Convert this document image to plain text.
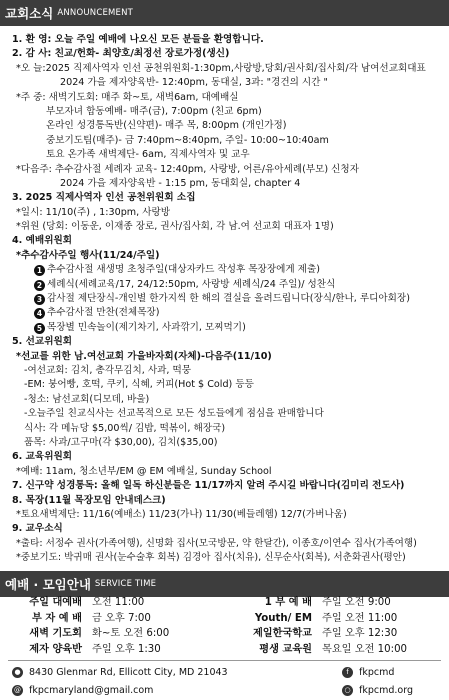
교회소식 ANNOUNCEMENT
1. 환 영: 오늘 주일 예배에 나오신 모든 분들을 환영합니다.
2. 감 사: 친교/헌화- 최양호/최정선 장로가정(생신)
*오 늘:2025 직제사역자 인선 공천위원회-1:30pm,사랑방,당회/권사회/집사회/각 남여선교회대표
2024 가을 제자양육반- 12:40pm, 동대실, 3과: "경건의 시간 "
*주 중: 새벽기도회: 매주 화~토, 새벽6am, 대예배실
부모자녀 합동예배- 매주(금), 7:00pm (친교 6pm)
온라인 성경통독반(신약편)- 매주 목, 8:00pm (개인가정)
중보기도팀(매주)- 금 7:40pm~8:40pm, 주일- 10:00~10:40am
토요 온가족 새벽제단- 6am, 직제사역자 및 교우
*다음주: 추수감사절 세례자 교육- 12:40pm, 사랑방, 어른/유아세례(부모) 신청자
2024 가을 제자양육반 - 1:15 pm, 동대회실, chapter 4
3. 2025 직제사역자 인선 공천위원회 소집
*일시: 11/10(주) , 1:30pm, 사랑방
*위원 (당회: 이동운, 이재종 장로, 권사/집사회, 각 남.여 선교회 대표자 1명)
4. 예배위원회
*추수감사주일 행사(11/24/주일)
1 추수감사절 새생명 초청주일(대상자카드 작성후 목장장에게 제출)
2 세례식(세례교육/17, 24/12:50pm, 사랑방 세례식/24 주일)/ 성찬식
3 감사절 제단장식-개인별 한가지씩 한 해의 결실을 올려드립니다(장식/한나, 루디아회장)
4 추수감사절 만찬(전체목장)
5 목장별 민속놀이(제기차기, 사과깎기, 모찌먹기)
5. 선교위원회
*선교를 위한 남.여선교회 가을바자회(자체)-다음주(11/10)
-여선교회: 김치, 총각무김치, 사과, 떡뭉
-EM: 붕어빵, 호떡, 쿠키, 식혜, 커피(Hot $ Cold) 등등
-청소: 남선교회(디모데, 바울)
-오늘주일 친교식사는 선교목적으로 모든 성도들에게 점심을 판매합니다
식사: 각 메뉴당 $5,00씩/ 김밥, 떡볶이, 해장국)
품목: 사과/고구마(각 $30,00), 김치($35,00)
6. 교육위원회
*예배: 11am, 청소년부/EM @ EM 예배실, Sunday School
7. 신구약 성경통독: 올해 일독 하신분들은 11/17까지 알려 주시길 바랍니다(김미리 전도사)
8. 목장(11월 목장모임 안내데스크)
*토요새벽제단: 11/16(예배소) 11/23(가나) 11/30(베들레헴) 12/7(가버나움)
9. 교우소식
*출타: 서정수 권사(가족여행), 신명화 집사(모국방문, 약 한달간), 이종호/이연수 집사(가족여행)
*중보기도: 박귀매 권사(눈수술후 회복) 김경아 집사(치유), 신무순사(회복), 서춘화권사(평안)
예배 · 모임안내 SERVICE TIME
주일 대예배 오전 11:00	1 부 예 배 주일 오전 9:00
부 자 예 배 금 오후 7:00	Youth/ EM 주일 오전 11:00
새벽 기도회 화~토 오전 6:00	제일한국학교 주일 오후 12:30
제자 양육반 주일 오후 1:30	평생 교육원 목요일 오전 10:00
● 8430 Glenmar Rd, Ellicott City, MD 21043	f	fkpcmd
@ fkpcmaryland@gmail.com	○ fkpcmd.org
